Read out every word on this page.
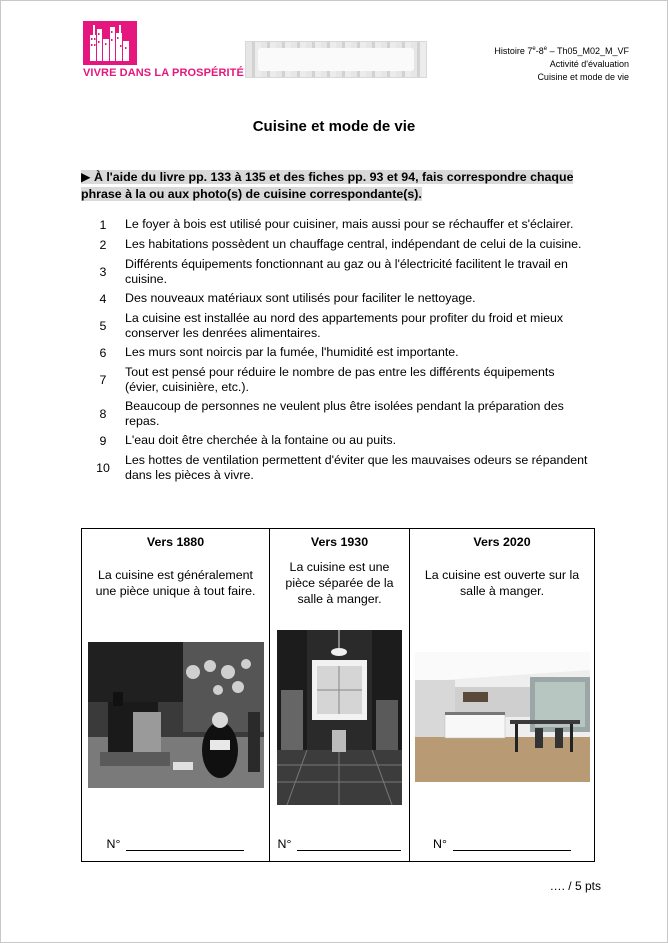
VIVRE DANS LA PROSPÉRITÉ
Histoire 7e-8e – Th05_M02_M_VF
Activité d'évaluation
Cuisine et mode de vie
Cuisine et mode de vie
▶ À l'aide du livre pp. 133 à 135 et des fiches pp. 93 et 94, fais correspondre chaque phrase à la ou aux photo(s) de cuisine correspondante(s).
1	Le foyer à bois est utilisé pour cuisiner, mais aussi pour se réchauffer et s'éclairer.
2	Les habitations possèdent un chauffage central, indépendant de celui de la cuisine.
3
Différents équipements fonctionnant au gaz ou à l'électricité facilitent le travail en cuisine.
4	Des nouveaux matériaux sont utilisés pour faciliter le nettoyage.
5
La cuisine est installée au nord des appartements pour profiter du froid et mieux conserver les denrées alimentaires.
6	Les murs sont noircis par la fumée, l'humidité est importante.
7
Tout est pensé pour réduire le nombre de pas entre les différents équipements (évier, cuisinière, etc.).
8
Beaucoup de personnes ne veulent plus être isolées pendant la préparation des repas.
9	L'eau doit être cherchée à la fontaine ou au puits.
10
Les hottes de ventilation permettent d'éviter que les mauvaises odeurs se répandent dans les pièces à vivre.
Vers 1880
La cuisine est généralement une pièce unique à tout faire.
N°
Vers 1930
La cuisine est une pièce séparée de la salle à manger.
N°
Vers 2020
La cuisine est ouverte sur la salle à manger.
N°
…. / 5 pts
